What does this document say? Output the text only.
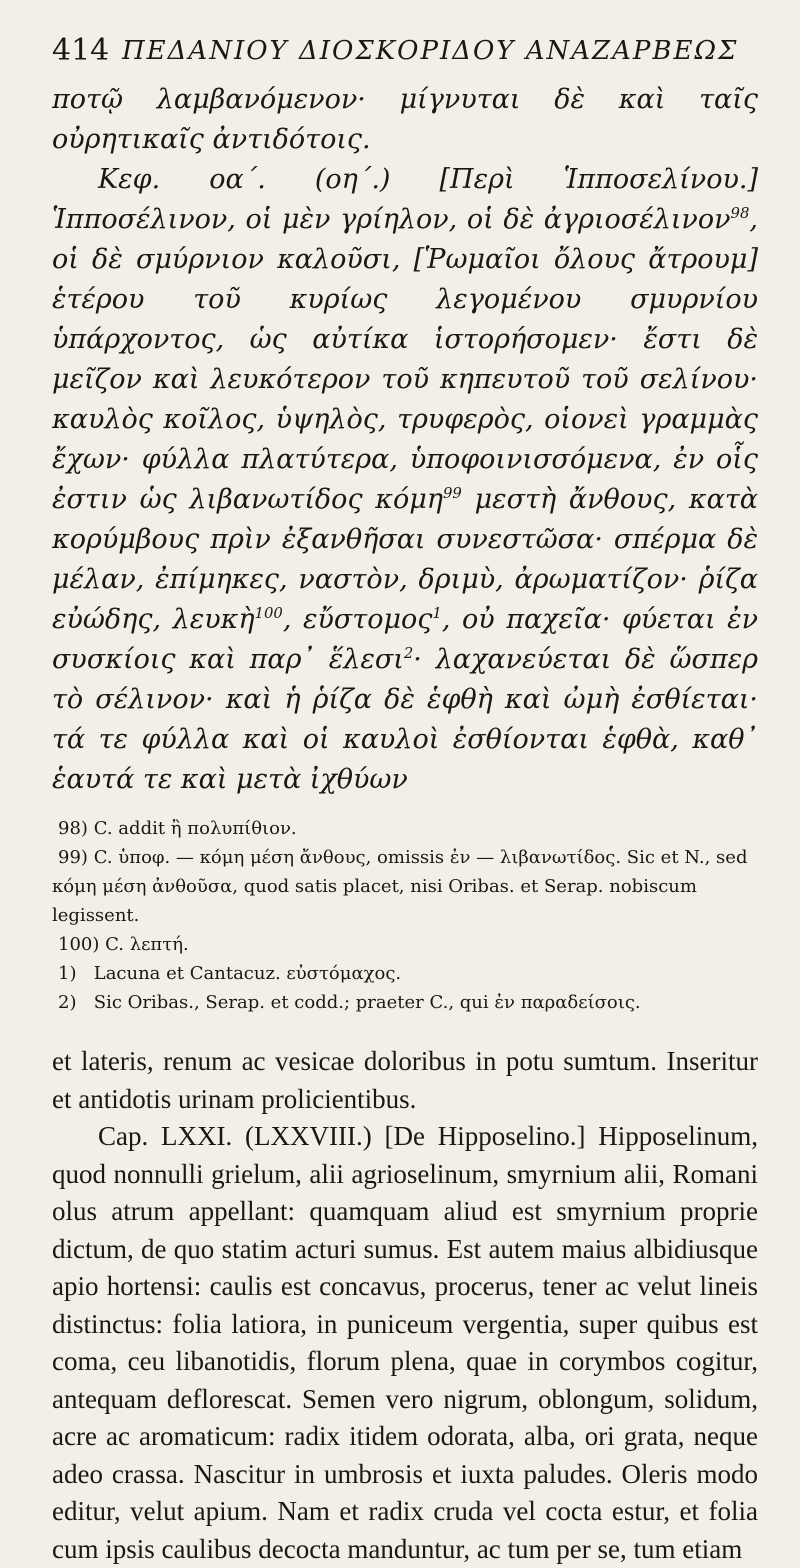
414 ΠΕΔΑΝΙΟΥ ΔΙΟΣΚΟΡΙΔΟΥ ΑΝΑΖΑΡΒΕΩΣ

ποτῷ λαμβανόμενον· μίγνυται δὲ καὶ ταῖς οὐρητικαῖς ἀντιδότοις.

Κεφ. οα΄. (οη΄.) [Περὶ Ἱπποσελίνου.] Ἱπποσέλινον, οἱ μὲν γρίηλον, οἱ δὲ ἀγριοσέλινον$^{98}$, οἱ δὲ σμύρνιον καλοῦσι, [Ῥωμαῖοι ὄλους ἄτρουμ] ἑτέρου τοῦ κυρίως λεγομένου σμυρνίου ὑπάρχοντος, ὡς αὐτίκα ἱστορήσομεν· ἔστι δὲ μεῖζον καὶ λευκότερον τοῦ κηπευτοῦ τοῦ σελίνου· καυλὸς κοῖλος, ὑψηλὸς, τρυφερὸς, οἱονεὶ γραμμὰς ἔχων· φύλλα πλατύτερα, ὑποφοινισσόμενα, ἐν οἷς ἐστιν ὡς λιβανωτίδος κόμη$^{99}$ μεστὴ ἄνθους, κατὰ κορύμβους πρὶν ἐξανθῆσαι συνεστῶσα· σπέρμα δὲ μέλαν, ἐπίμηκες, ναστὸν, δριμὺ, ἀρωματίζον· ῥίζα εὐώδης, λευκὴ$^{100}$, εὔστομος$^1$, οὐ παχεῖα· φύεται ἐν συσκίοις καὶ παρ᾽ ἕλεσι$^2$· λαχανεύεται δὲ ὥσπερ τὸ σέλινον· καὶ ἡ ῥίζα δὲ ἑφθὴ καὶ ὠμὴ ἐσθίεται· τά τε φύλλα καὶ οἱ καυλοὶ ἐσθίονται ἑφθὰ, καθ᾽ ἑαυτά τε καὶ μετὰ ἰχθύων

98) C. addit ἢ πολυπίθιον.

99) C. ὑποφ. — κόμη μέση ἄνθους, omissis ἐν — λιβανωτίδος. Sic et N., sed κόμη μέση ἀνθοῦσα, quod satis placet, nisi Oribas. et Serap. nobiscum legissent.

100) C. λεπτή.

1) Lacuna et Cantacuz. εὐστόμαχος.

2) Sic Oribas., Serap. et codd.; praeter C., qui ἐν παραδείσοις.

et lateris, renum ac vesicae doloribus in potu sumtum. Inseritur et antidotis urinam prolicientibus.

Cap. LXXI. (LXXVIII.) [De Hipposelino.] Hipposelinum, quod nonnulli grielum, alii agrioselinum, smyrnium alii, Romani olus atrum appellant: quamquam aliud est smyrnium proprie dictum, de quo statim acturi sumus. Est autem maius albidiusque apio hortensi: caulis est concavus, procerus, tener ac velut lineis distinctus: folia latiora, in puniceum vergentia, super quibus est coma, ceu libanotidis, florum plena, quae in corymbos cogitur, antequam deflorescat. Semen vero nigrum, oblongum, solidum, acre ac aromaticum: radix itidem odorata, alba, ori grata, neque adeo crassa. Nascitur in umbrosis et iuxta paludes. Oleris modo editur, velut apium. Nam et radix cruda vel cocta estur, et folia cum ipsis caulibus decocta manduntur, ac tum per se, tum etiam
